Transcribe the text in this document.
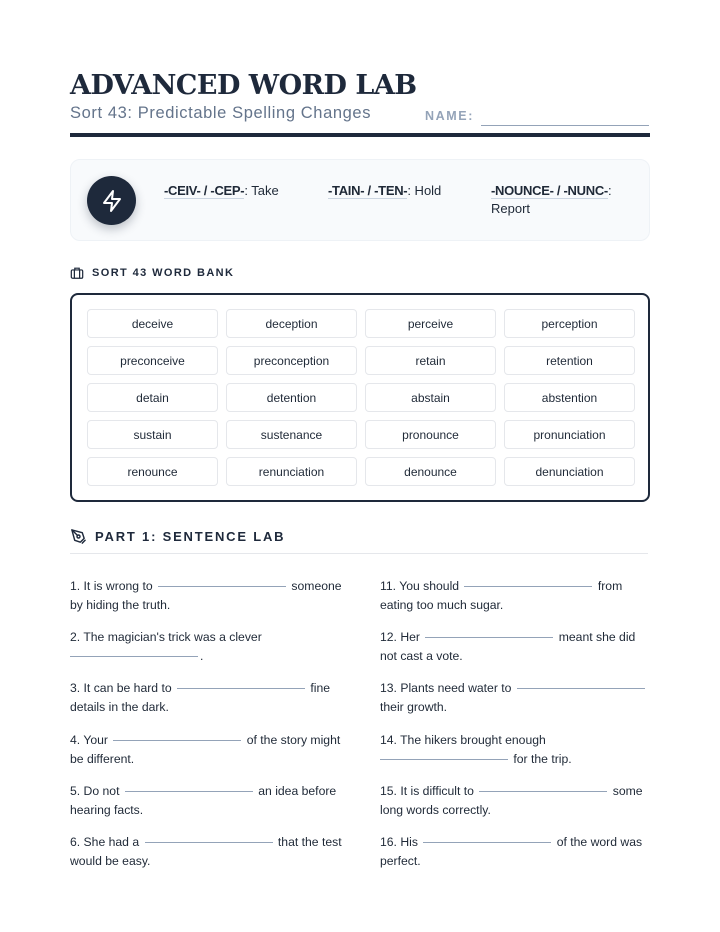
ADVANCED WORD LAB
Sort 43: Predictable Spelling Changes	NAME:
-CEIV- / -CEP-: Take	-TAIN- / -TEN-: Hold	-NOUNCE- / -NUNC-:
Report
SORT 43 WORD BANK
deceive	deception	perceive	perception
preconceive	preconception	retain	retention
detain	detention	abstain	abstention
sustain	sustenance	pronounce	pronunciation
renounce	renunciation	denounce	denunciation
PART 1: SENTENCE LAB
1. It is wrong to	someone
by hiding the truth.
2. The magician's trick was a clever
.
3. It can be hard to	fine
details in the dark.
4. Your	of the story might
be different.
5. Do not	an idea before
hearing facts.
6. She had a	that the test
would be easy.
11. You should	from
eating too much sugar.
12. Her	meant she did
not cast a vote.
13. Plants need water to
their growth.
14. The hikers brought enough
for the trip.
15. It is difficult to	some
long words correctly.
16. His	of the word was
perfect.
